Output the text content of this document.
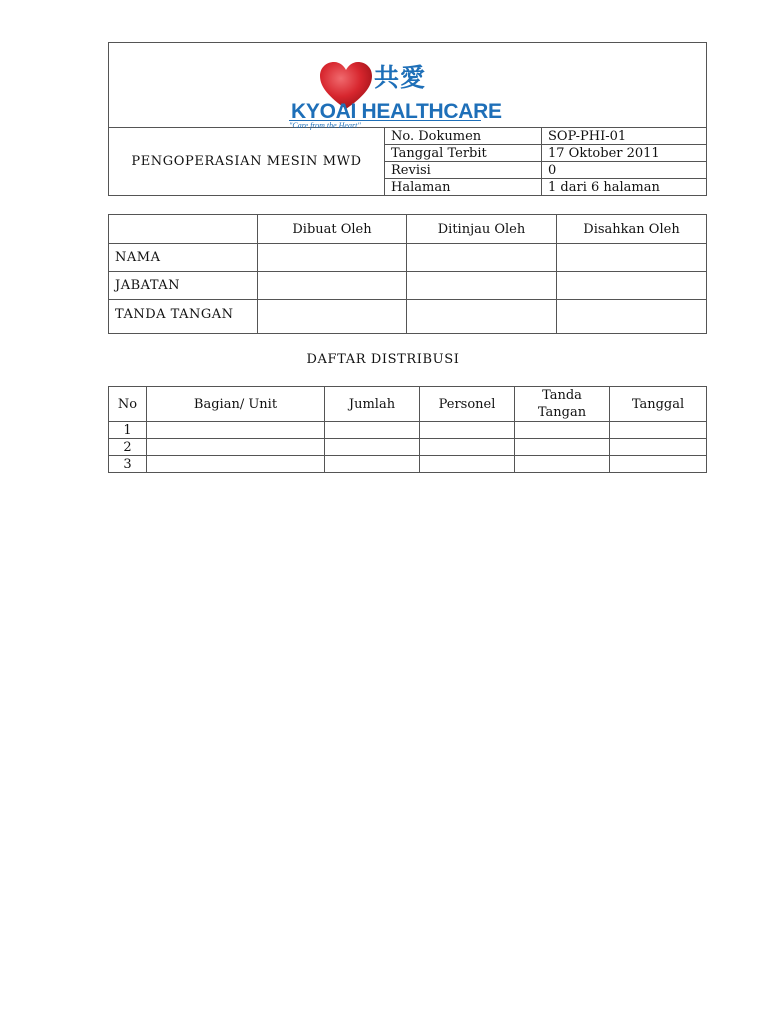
共愛
KYOAI HEALTHCARE
"Care from the Heart"		

PENGOPERASIAN MESIN MWD	No. Dokumen	SOP-PHI-01
	Tanggal Terbit	17 Oktober 2011
	Revisi	0
	Halaman	1 dari 6 halaman
	Dibuat Oleh	Ditinjau Oleh	Disahkan Oleh
NAMA			
JABATAN			
TANDA TANGAN			
DAFTAR DISTRIBUSI
No	Bagian/ Unit	Jumlah	Personel	Tanda Tangan	Tanggal
1					
2					
3					
